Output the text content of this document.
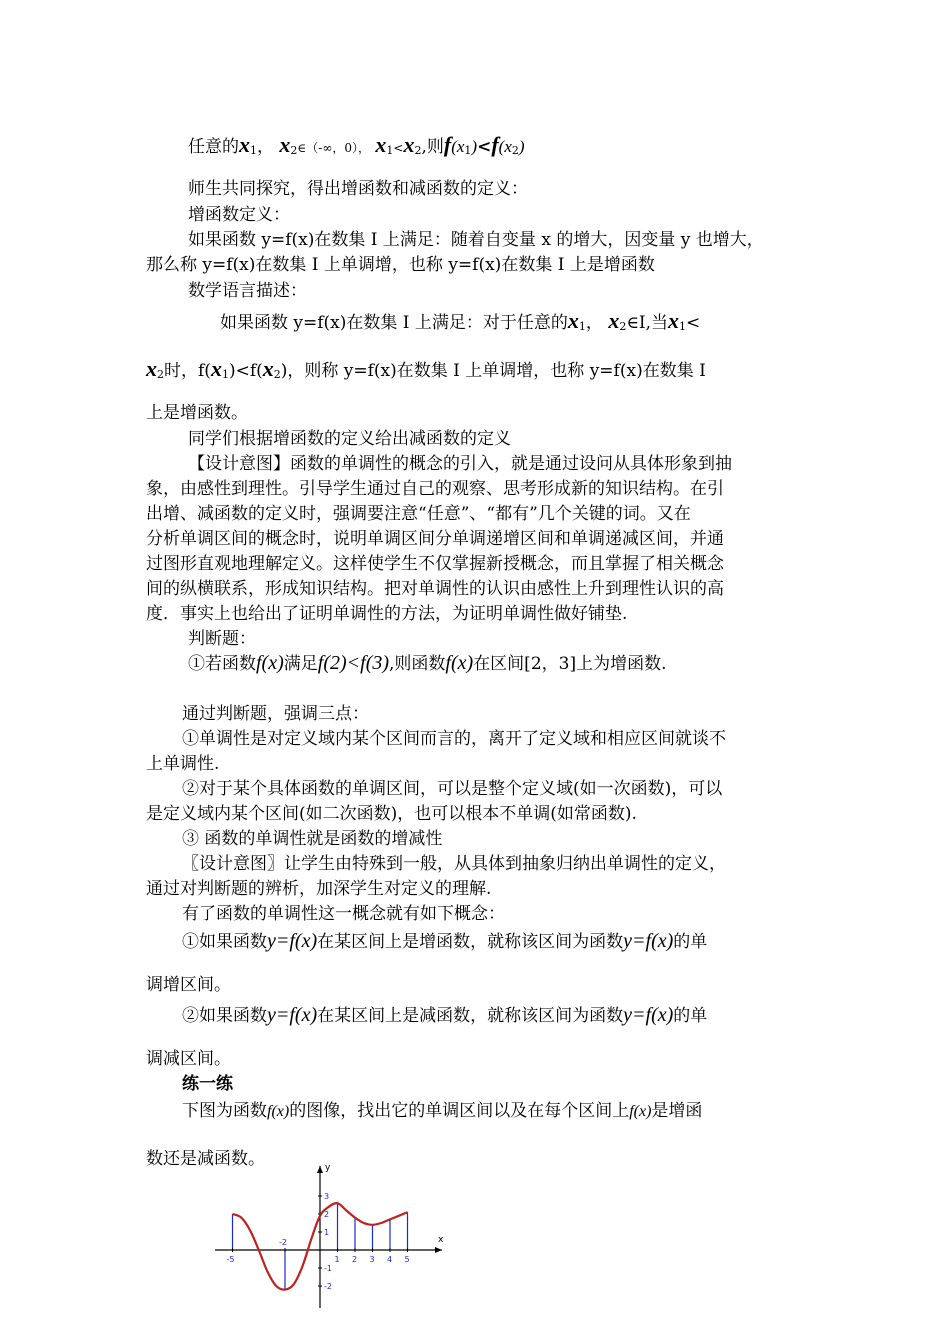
任意的x1， x2∈（-∞，0）， x1<x2,则f(x1)<f(x2)
师生共同探究，得出增函数和减函数的定义：
增函数定义：
如果函数 y=f(x)在数集 I 上满足：随着自变量 x 的增大，因变量 y 也增大，
那么称 y=f(x)在数集 I 上单调增，也称 y=f(x)在数集 I 上是增函数
数学语言描述：
如果函数 y=f(x)在数集 I 上满足：对于任意的x1， x2∈I,当x1<
x2时，f(x1)<f(x2)，则称 y=f(x)在数集 I 上单调增，也称 y=f(x)在数集 I
上是增函数。
同学们根据增函数的定义给出减函数的定义
【设计意图】函数的单调性的概念的引入，就是通过设问从具体形象到抽
象，由感性到理性。引导学生通过自己的观察、思考形成新的知识结构。在引
出增、减函数的定义时，强调要注意“任意”、“都有”几个关键的词。又在
分析单调区间的概念时，说明单调区间分单调递增区间和单调递减区间，并通
过图形直观地理解定义。这样使学生不仅掌握新授概念，而且掌握了相关概念
间的纵横联系，形成知识结构。把对单调性的认识由感性上升到理性认识的高
度．事实上也给出了证明单调性的方法，为证明单调性做好铺垫.
判断题：
①若函数f(x)满足f(2)<f(3),则函数f(x)在区间[2，3]上为增函数.
通过判断题，强调三点：
①单调性是对定义域内某个区间而言的，离开了定义域和相应区间就谈不
上单调性.
②对于某个具体函数的单调区间，可以是整个定义域(如一次函数)，可以
是定义域内某个区间(如二次函数)，也可以根本不单调(如常函数).
③ 函数的单调性就是函数的增减性
〖设计意图〗让学生由特殊到一般，从具体到抽象归纳出单调性的定义，
通过对判断题的辨析，加深学生对定义的理解.
有了函数的单调性这一概念就有如下概念：
①如果函数y=f(x)在某区间上是增函数，就称该区间为函数y=f(x)的单
调增区间。
②如果函数y=f(x)在某区间上是减函数，就称该区间为函数y=f(x)的单
调减区间。
练一练
下图为函数f(x)的图像，找出它的单调区间以及在每个区间上f(x)是增函
数还是减函数。
x
y
-5
-2
1 2 3 4 5
3
2
1
-1
-2
